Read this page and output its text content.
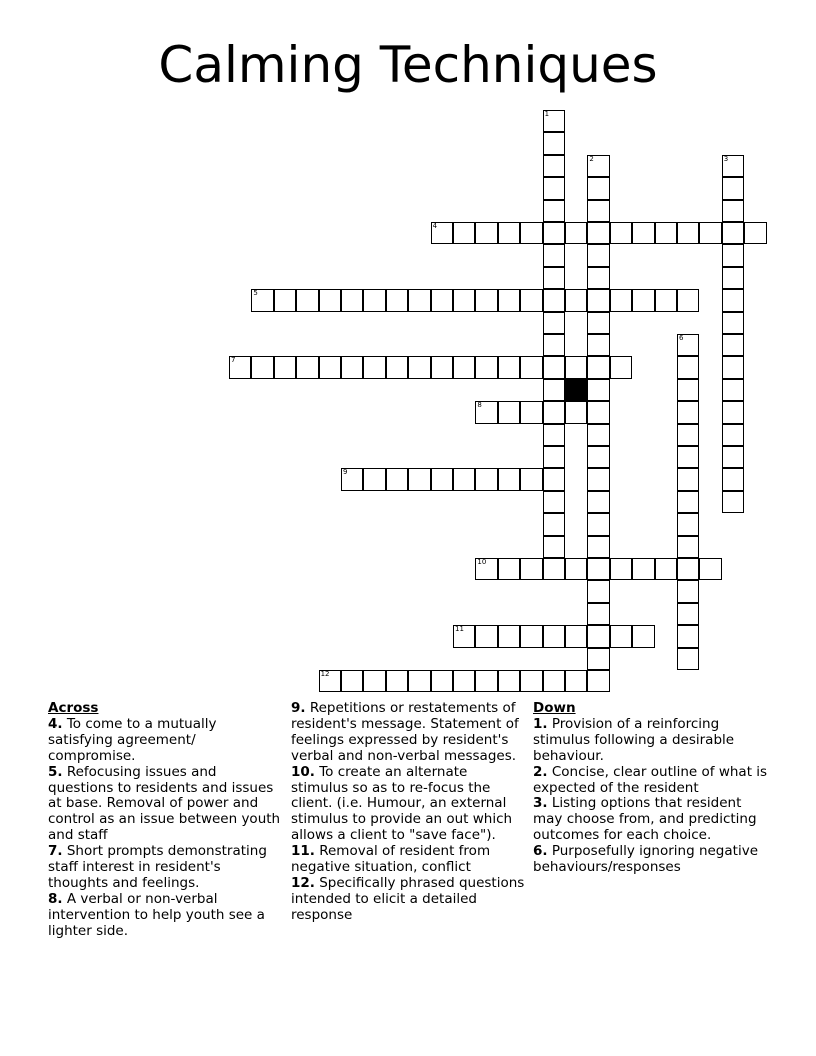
Calming Techniques
1
2	3
4
5
6
7
8
9
10
11
12
Across
4. To come to a mutually satisfying agreement/ compromise.
5. Refocusing issues and questions to residents and issues at base. Removal of power and control as an issue between youth and staff
7. Short prompts demonstrating staff interest in resident's thoughts and feelings.
8. A verbal or non-verbal intervention to help youth see a lighter side.
9. Repetitions or restatements of resident's message. Statement of feelings expressed by resident's verbal and non-verbal messages.
10. To create an alternate stimulus so as to re-focus the client. (i.e. Humour, an external stimulus to provide an out which allows a client to "save face").
11. Removal of resident from negative situation, conflict
12. Specifically phrased questions intended to elicit a detailed response
Down
1. Provision of a reinforcing stimulus following a desirable behaviour.
2. Concise, clear outline of what is expected of the resident
3. Listing options that resident may choose from, and predicting outcomes for each choice.
6. Purposefully ignoring negative behaviours/responses
